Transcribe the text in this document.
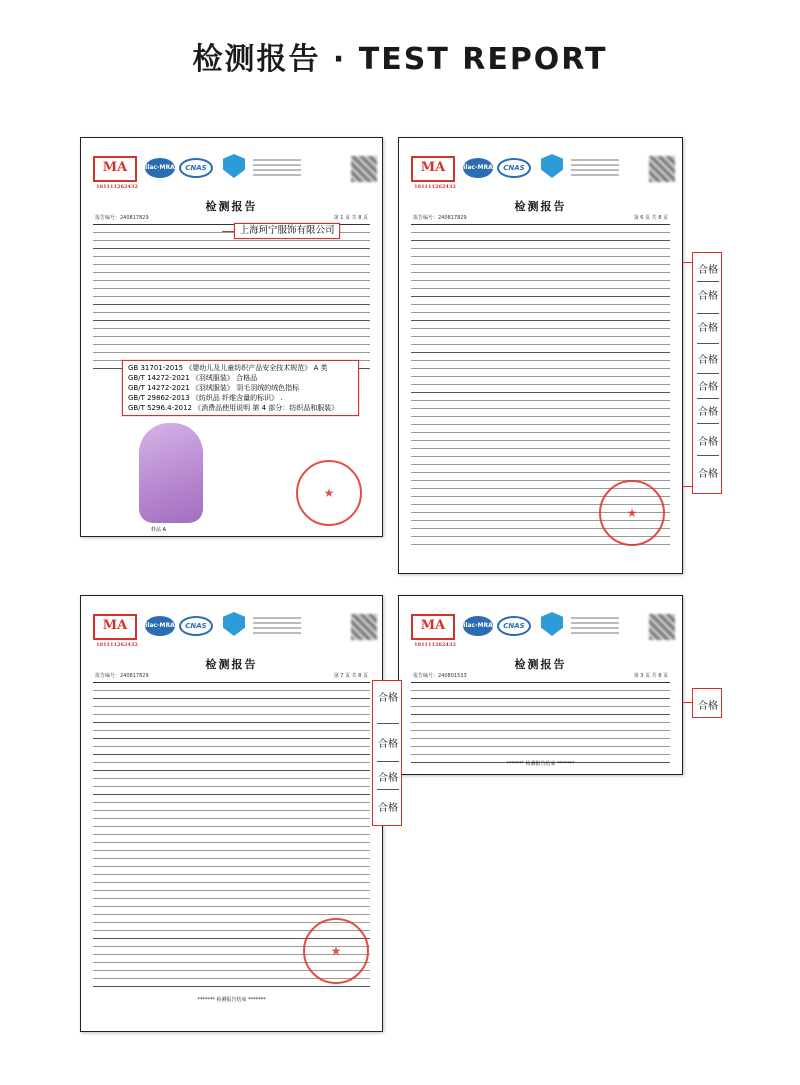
检测报告 · TEST REPORT
MA
181111262432
ilac-MRA	CNAS
检测报告
报告编号：240817829	第 1 页 共 8 页
样品 A
★
MA
181111262432
ilac-MRA	CNAS
检测报告
报告编号：240817829	第 6 页 共 8 页
★
MA
181111262432
ilac-MRA	CNAS
检测报告
报告编号：240817829	第 7 页 共 8 页
******* 检测报告结束 *******
★
MA
181111262432
ilac-MRA	CNAS
检测报告
报告编号：240801533	第 3 页 共 8 页
******* 检测报告结束 *******
上海珂宁服饰有限公司
GB 31701-2015 《婴幼儿及儿童纺织产品安全技术规范》 A 类
GB/T 14272-2021 《羽绒服装》 合格品
GB/T 14272-2021 《羽绒服装》 羽毛羽绒的绒色指标
GB/T 29862-2013 《纺织品 纤维含量的标识》 .
GB/T 5296.4-2012 《消费品使用说明 第 4 部分：纺织品和服装》
合格
合格
合格
合格
合格
合格
合格
合格
合格
合格
合格
合格
合格
